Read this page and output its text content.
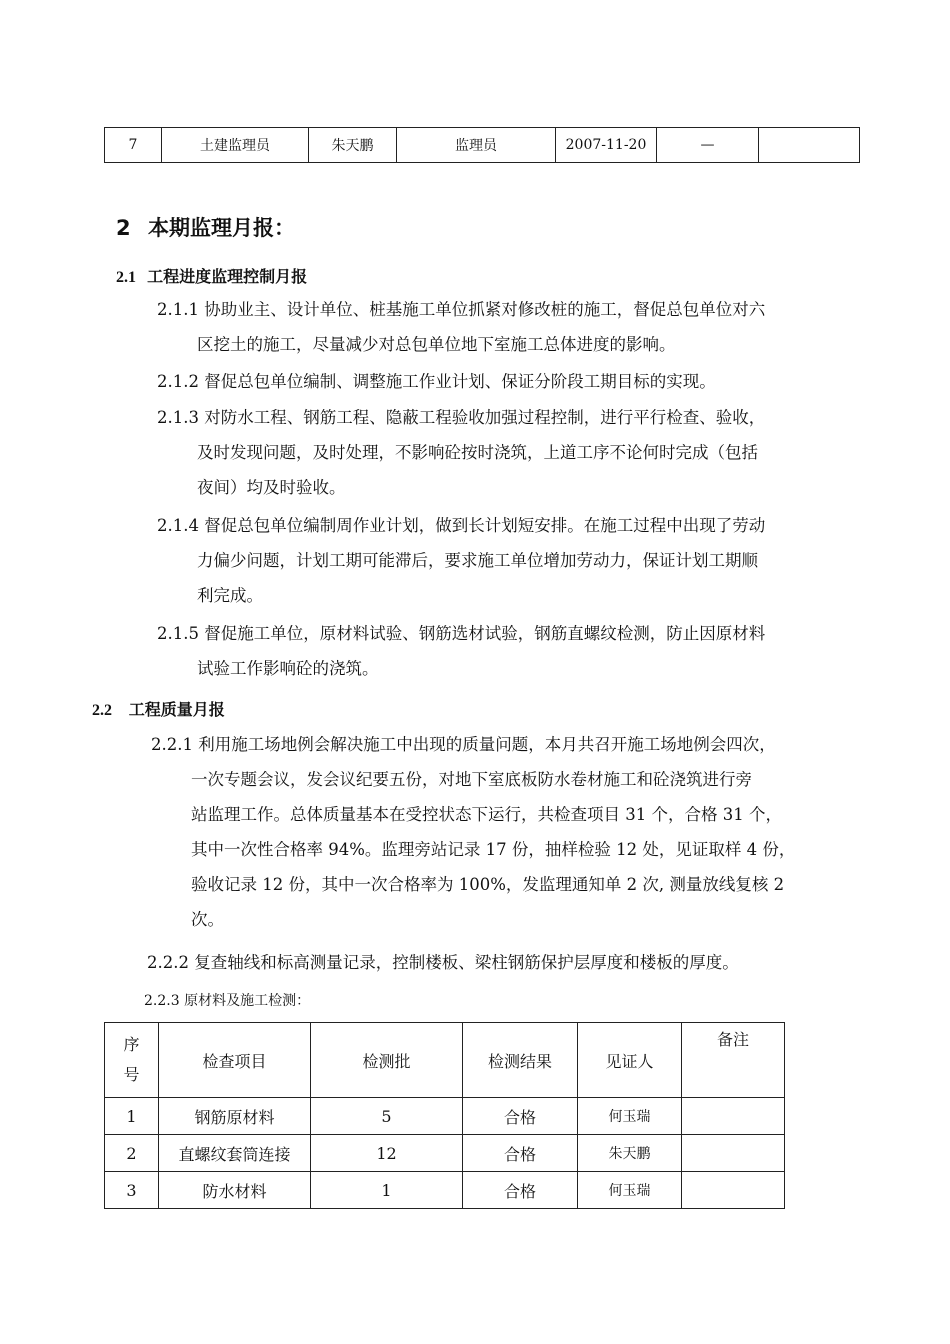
7	土建监理员	朱天鹏	监理员	2007-11-20	—	
2 本期监理月报：
2.1 工程进度监理控制月报
2.1.1 协助业主、设计单位、桩基施工单位抓紧对修改桩的施工，督促总包单位对六
区挖土的施工，尽量减少对总包单位地下室施工总体进度的影响。
2.1.2 督促总包单位编制、调整施工作业计划、保证分阶段工期目标的实现。
2.1.3 对防水工程、钢筋工程、隐蔽工程验收加强过程控制，进行平行检查、验收，
及时发现问题，及时处理，不影响砼按时浇筑，上道工序不论何时完成（包括
夜间）均及时验收。
2.1.4 督促总包单位编制周作业计划，做到长计划短安排。在施工过程中出现了劳动
力偏少问题，计划工期可能滞后，要求施工单位增加劳动力，保证计划工期顺
利完成。
2.1.5 督促施工单位，原材料试验、钢筋选材试验，钢筋直螺纹检测，防止因原材料
试验工作影响砼的浇筑。
2.2 工程质量月报
2.2.1 利用施工场地例会解决施工中出现的质量问题，本月共召开施工场地例会四次，
一次专题会议，发会议纪要五份，对地下室底板防水卷材施工和砼浇筑进行旁
站监理工作。总体质量基本在受控状态下运行，共检查项目 31 个，合格 31 个，
其中一次性合格率 94%。监理旁站记录 17 份，抽样检验 12 处，见证取样 4 份，
验收记录 12 份，其中一次合格率为 100%，发监理通知单 2 次, 测量放线复核 2
次。
2.2.2 复查轴线和标高测量记录，控制楼板、梁柱钢筋保护层厚度和楼板的厚度。
2.2.3 原材料及施工检测：
序
号	检查项目	检测批	检测结果	见证人	备注
1	钢筋原材料	5	合格	何玉瑞	
2	直螺纹套筒连接	12	合格	朱天鹏	
3	防水材料	1	合格	何玉瑞	
